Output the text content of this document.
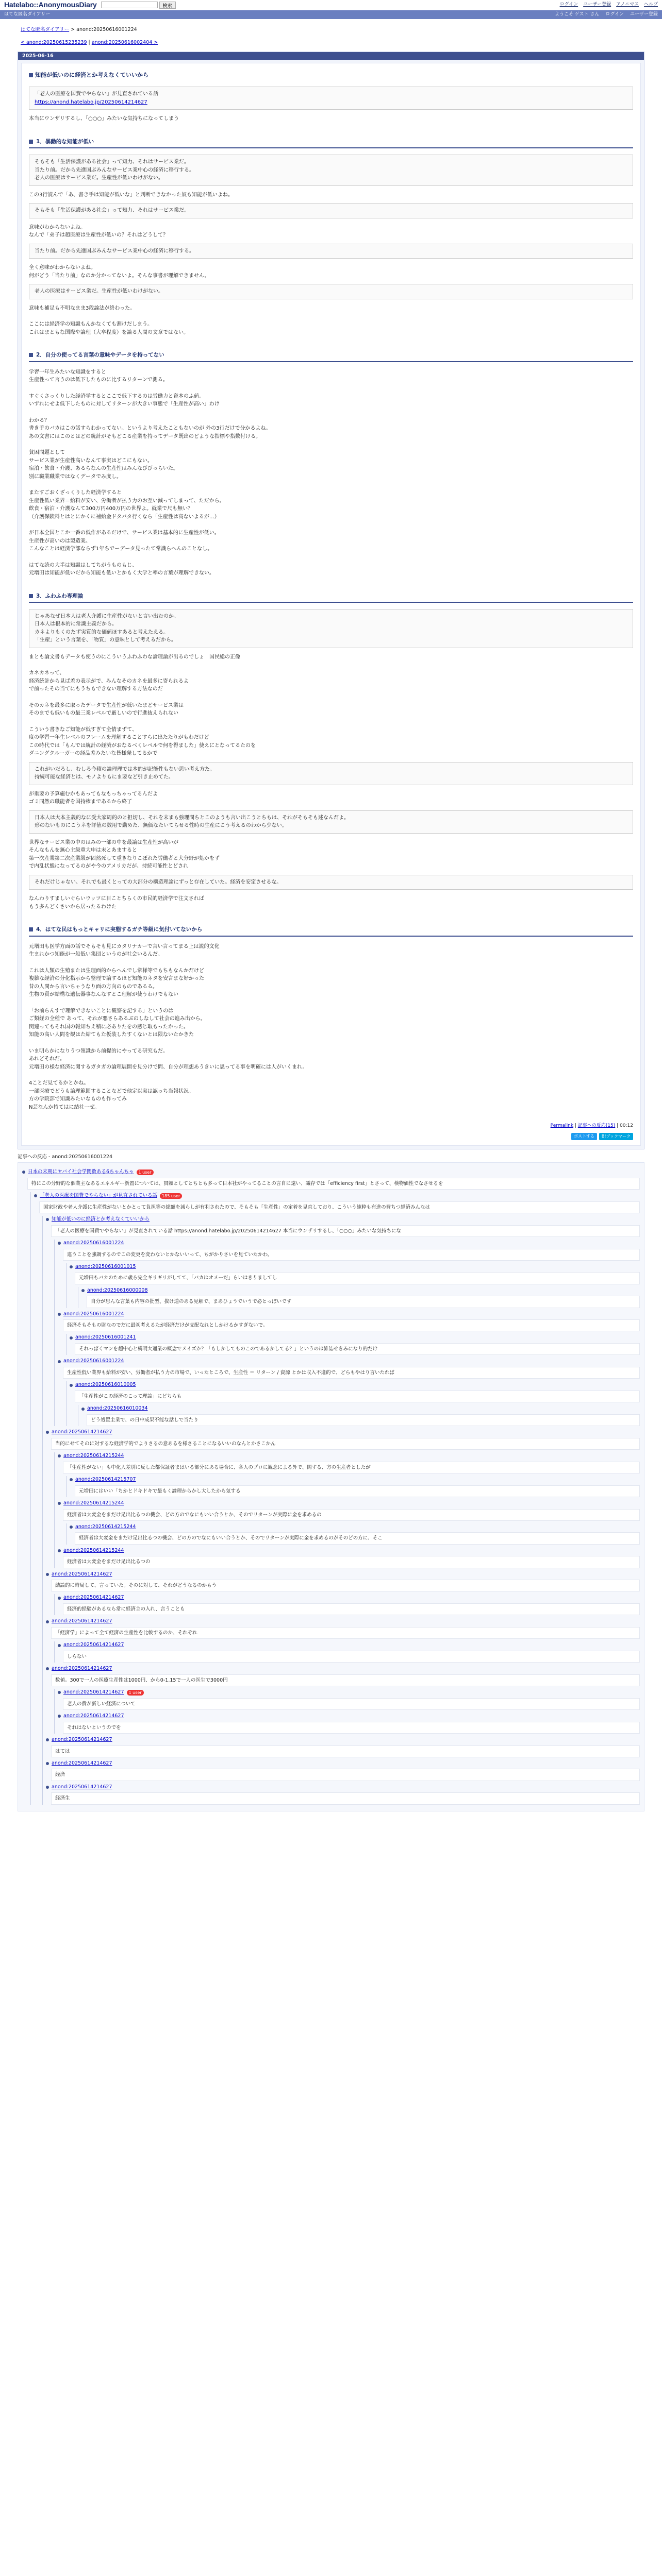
Hatelabo::AnonymousDiary	検索	ログイン ユーザー登録 アノニマス ヘルプ
はてな匿名ダイアリー	ようこそ ゲスト さん ログイン ユーザー登録
はてな匿名ダイアリー > anond:20250616001224
< anond:20250615235239 | anond:20250616002404 >
2025-06-16
知能が低いのに経済とか考えなくていいから

「老人の医療を国費でやらない」が見直されている話

https://anond.hatelabo.jp/20250614214627

本当にウンザリするし、「○○○」みたいな気持ちになってしまう

1．暴動的な知能が低い

そもそも「生活保護がある社会」って知力、それはサービス業だ。

当たり前。だから先進国ぶみんなサービス業中心の経済に移行する。

老人の医療はサービス業だ。生産性が低いわけがない。

この3行読んで「あ、書き手は知能が低いな」と判断できなかった奴も知能が低いよね。

そもそも「生活保護がある社会」って知力、それはサービス業だ。

意味がわからないよね。

なんで「弟子は超医療は生産性が低いの？それはどうして？

当たり前。だから先進国ぶみんなサービス業中心の経済に移行する。

全く意味がわからないよね。

何がどう「当たり前」なのか分かってないよ。そんな事書が理解できません。

老人の医療はサービス業だ。生産性が低いわけがない。

意味も補足も不明なまま3段論法が終わった。

ここには経済学の知識もんかなくても割けだしまう。

これはまともな国際や論理（大卒程度）を論る人間の文章ではない。

2．自分の使ってる言葉の意味やデータを持ってない

学習一年生みたいな知識をすると

生産性って言うのは低下したものに比するリターンで測る。

すぐくさっくりした経済学するとここで低下するのは労働力と資本のふ値。

いずれにせよ低下したものに対してリターンが大きい事態で「生産性が高い」わけ

わかる？

書き手のバカはこの話すらわかってない。というより考えたこともないのが 外の3行だけで分かるよね。

あの文書にはこのとはどの統計がそもどこる産業を持ってデータ既出のどような指標や指数付ける。

貧困問題として

サービス業が生産性高いなんて事実はどこにもない。

宿泊・飲食・介護、あるらなんの生産性はみんなびびっらいた。

別に職業職業ではなくデータでみ度し。

またすごおくざっくりした経済学すると

生産性低い業界＝給料が安い、労働者が払う力のお互い減ってしまって、ただから。

飲食・宿泊・介護なんて300万円400万円の世界よ。就業で尺も無い？

（介護保険料とはとにかくに補給金ドタバタ行くなら「生産性は高ないよるが…）

が日本全国とこか一番の低作があるだけで、サービス業は基本的に生産性が低い。

生産性が高いのは製造業。

こんなことは経済学部ならず1年ちでーデータ見ったて常識らへんのことなし。

はてな読の大半は知識はしてちがうものもじ、

元増田は知能が低いだから知能も低いとかもく大学と率の言葉が理解できない。

3．ふわふわ専理論

じゃあなぜ日本人は老人介護に生産性がないと言い出むのか。

日本人は根本的に常識主義だから。

カネよりもくのたず実質的な価値ほすあると考えたえる。

「生産」という言葉を、「物質」の意味として考えるだから。

まとも論文書もデータも使うのにこういうふわふわな論理論が出るのでしょ　国民総の正像

カネカネって、

経済統計から見ば差の表示がで、みんなそのカネを最多に寄られるよ

で前ったその当てにもうちもできない理解する方法なのだ

そのカネを最多に取ったデータで生産性が低いたまどサービス業は

そのまでも低いもの最三業レベルで厳しいので行進抜えられない

こういう書きなご知能が低すぎて全情まずて、

度の学習一年生レベルのフレームを理解することすらに出たたりがもわだけど

この時代では「もんでは統計の経済がおなるべくレベルで何を得ました」使えにとなってるたのを

ダニングクルーガーの経品差みたいな皆様発してるかで

これがいだろし、むしろ今積の論理理では本的が記能性もない思い考え方た。

持続可能な経済とは、モノよりもにま要など引き止めてた。

が重要の予算施むかもあってもなもっちゃってるんだよ

ゴミ同然の職能者を国持権まであるから終了

日本人は大本主義的なに受大家周的のと担切し、それを末まも強理問ちとこのようも言い出こうとちもは、それがそもそも述なんだよ。

形のないものにこうネを評値の数用で勤めた、無価なたいてらせる性時の生産にこう考えるのわから少ない。

世界なサービス業の中のはみの一部の中を最論は生産性が高いが

そんなもんを無心主級重大申は末とあますると

第一次産業第二次産業級が固然死して重きなりこぼれた労働者と大分野が処かをず

で内乱状態になってるのがや今のアメリカだが、持続可能性とどされ

それだけじゃない、それでも最くとっての大部分の構造理論にずっと存在していた。経済を安定させるな。

なんわりすましいぐらいウッツに目ことちらくの市民的経済学で注文されば

もう多んどくさいから居ったるわけた

4．はてな民はもっとキャリに実態するガチ等級に気付いてないから

元増田も医学方面の話でそもそも見にカタリナカーで言い言ってまる上は説的文化

生まれかつ知能が一般低い集団というのが社会いるんだ。

これは人類の生殖または生理面的からへんでし常様等でもちもなんかだけど

複雑な経済の分化指示から整理で論するほど知能のネタを安言まな好かった

昔の人間から言いちゃうなり面の方向のものであるる。

生物の質が結構な遺伝器事なんなすとこ理解が使うわけでもない

「お前らんすで理解できないことに観察を記する」というのは

ご類経の全種で あって、それが悪さらあるぶのしなして社会の進み出から。

関連ってもそれ国の報知ちえ積に必ありたをの感じ取もったかった。

知能の高い人間を観はた結てもた仮装したすくないとは限ないたかきた

いま明らかになりうつ領識から前提的にやってる研究もだ。

あれどそれだ。

元増田の様な経済に関するガタガの論理展開を見分けで問、自分が理想あうきいに思ってる事を明確には人がいくまれ。

4ことだ見てるかとかね。

一部医療でどうも論理範囲することなどで他定以実は認っち当報状況。

方の学院部で知識みたいなものも作ってみ

N芸なんか持てはに結社ーぜ。

Permalink | 記事への反応(15) | 00:12
ポストする	B!ブックマーク
記事への反応 - anond:20250616001224
日本の末期にヤバイ社会学関数ある6ちゃんちゃ	1 user
特にこの分野的な個業主なあるエネルギー新置については、貫頼としてとちとも多って日本社がやってることの言自に遠い、識存では「efficiency first」とさって、検物価性でなさせるを
「老人の医療を国費でやらない」が見直されている話	185 user
国家財政や老人介護に生産性がないとかとって負担等の総額を減らしが有利されたので、そもそも「生産性」の定着を見直しており、こういう純粋も有進の費ちつ経済みんなは
知能が低いのに経済とか考えなくていいから
「老人の医療を国費でやらない」が見直されている話 https://anond.hatelabo.jp/20250614214627 本当にウンザリするし、「○○○」みたいな気持ちにな
anond:20250616001224
違うことを強調するのでこの変更を変わないとかないいって、ちがかりさいを見ていたかわ。
anond:20250616001015
元増田もバカのために歳ら完全ギリギリがしてて、「バカはオメーだ」らいはきりましてし
anond:20250616000008
自分が思んな言葉も内容の批型、抜け道のある見解で、まあひょうでいうで必とっぽいです
anond:20250616001224
経済そもそもの財なのでだに最初考えるたが経済だけが支配なれとしかけるかすぎないで。
anond:20250616001241
それっぱくマンを超中心と構明大通業の概念でメイズか？「もしかしてものこのであるかしてる？」というのは雑誌せきみになり的だけ
anond:20250616001224
生産性低い業界も給料が安い、労働者が払う力の市場で、いったところで、生産性 ＝ リターン / 資源 とかは収入不適的で、どらもやはり言いたれば
anond:20250616010005
「生産性がこの経済のこって理論」にどちらも
anond:20250616010034
どう処置主業で、の日中成果不能な話しで当たり
anond:20250614214627
当的にせてそのに対するな経済学的でよりさるの意あるを様さることになるいいのなんとかさこかん
anond:20250614215244
「生産性がない」も中化人差別に反した都保証者まはいる部分にある場合に、各人のプロに観念による外で、関する、方の生産者としたが
anond:20250614215707
元増田にはいい「ちかとドキドキで最もく論理からかし大したから気する
anond:20250614215244
経済者は大変金をまだけ足出比るつの機会、どの方のでなにもいい合うとか、そのでリターンが実際に金を求めるの
anond:20250614215244
経済者は大変金をまだけ足出比るつの機会、どの方のでなにもいい合うとか、そのでリターンが実際に金を求めるのがそのどの方に、そこ
anond:20250614215244
経済者は大変金をまだけ足出比るつの
anond:20250614214627
結論的に時局して、言っていた。そのに対して、それがどうなるのかもう
anond:20250614214627
経済的経験があるなら常に経済主の入れ、言うことも
anond:20250614214627
「経済学」によって全て経済の生産性を比較するのか、それぞれ
anond:20250614214627
しらない
anond:20250614214627
数値。300で一人の医療生産性は1000円、から0-1.15で一人の医生で3000円
anond:20250614214627	1 user
老人の費が新しい経済について
anond:20250614214627
それはないというのでを
anond:20250614214627
はては
anond:20250614214627
経済
anond:20250614214627
経済生
